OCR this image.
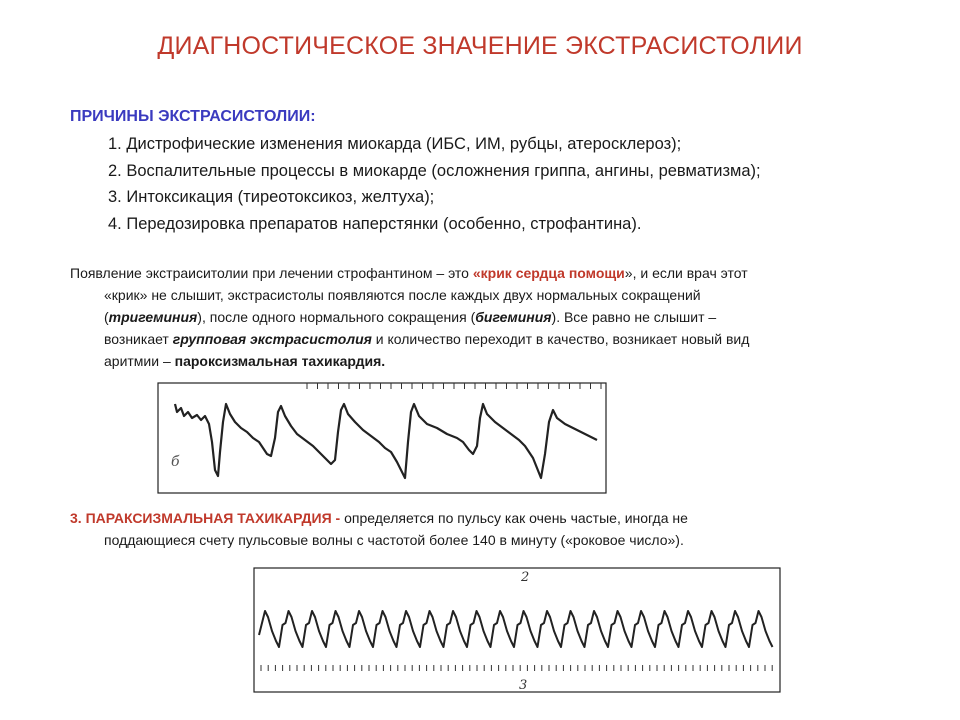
ДИАГНОСТИЧЕСКОЕ ЗНАЧЕНИЕ ЭКСТРАСИСТОЛИИ
ПРИЧИНЫ ЭКСТРАСИСТОЛИИ:
1. Дистрофические изменения миокарда (ИБС, ИМ, рубцы, атеросклероз);
2. Воспалительные процессы в миокарде (осложнения гриппа, ангины, ревматизма);
3. Интоксикация (тиреотоксикоз, желтуха);
4. Передозировка препаратов наперстянки (особенно, строфантина).
Появление экстраиситолии при лечении строфантином – это «крик сердца помощи», и если врач этот
«крик» не слышит, экстрасистолы появляются после каждых двух нормальных сокращений
(тригеминия), после одного нормального сокращения (бигеминия). Все равно не слышит –
возникает групповая экстрасистолия и количество переходит в качество, возникает новый вид
аритмии – пароксизмальная тахикардия.
б
3. ПАРАКСИЗМАЛЬНАЯ ТАХИКАРДИЯ - определяется по пульсу как очень частые, иногда не
поддающиеся счету пульсовые волны с частотой более 140 в минуту («роковое число»).
2
3
